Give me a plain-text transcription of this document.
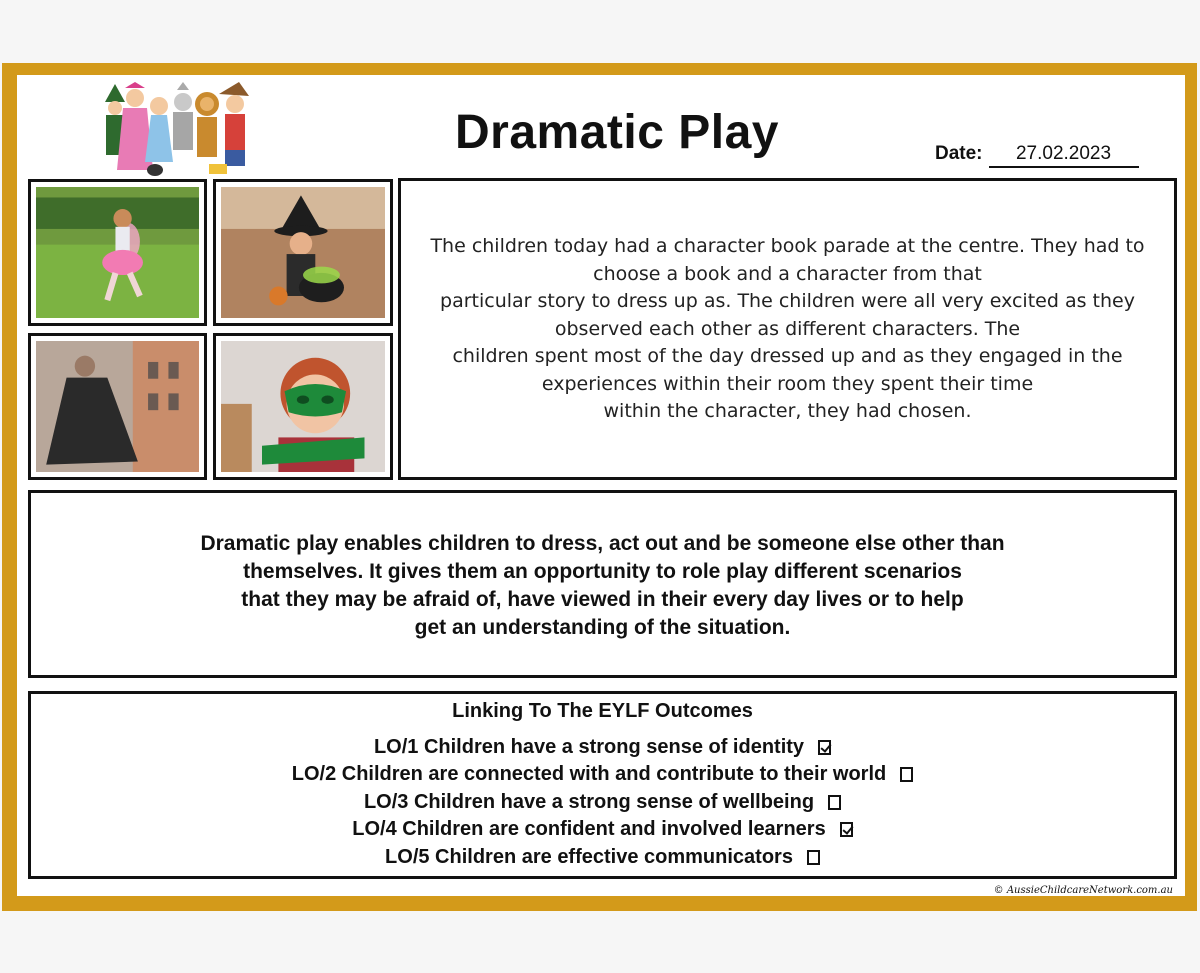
Dramatic Play	Date: 27.02.2023

The children today had a character book parade at the centre. They had to

choose a book and a character from that

particular story to dress up as. The children were all very excited as they

observed each other as different characters. The

children spent most of the day dressed up and as they engaged in the

experiences within their room they spent their time

within the character, they had chosen.

Dramatic play enables children to dress, act out and be someone else other than

themselves. It gives them an opportunity to role play different scenarios

that they may be afraid of, have viewed in their every day lives or to help

get an understanding of the situation.

Linking To The EYLF Outcomes
LO/1 Children have a strong sense of identity
LO/2 Children are connected with and contribute to their world
LO/3 Children have a strong sense of wellbeing
LO/4 Children are confident and involved learners
LO/5 Children are effective communicators
© AussieChildcareNetwork.com.au
